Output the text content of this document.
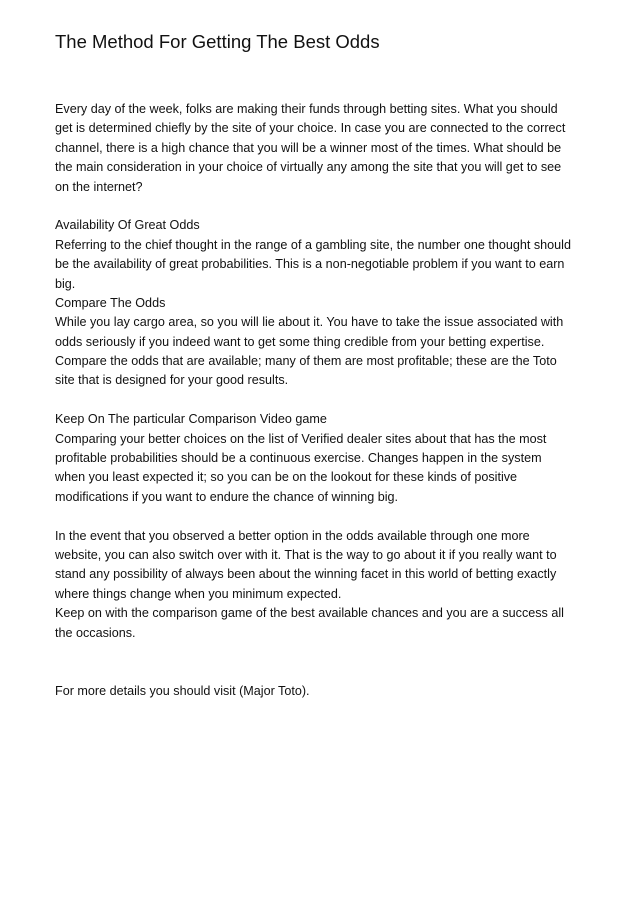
The Method For Getting The Best Odds
Every day of the week, folks are making their funds through betting sites. What you should
get is determined chiefly by the site of your choice. In case you are connected to the correct
channel, there is a high chance that you will be a winner most of the times. What should be
the main consideration in your choice of virtually any among the site that you will get to see
on the internet?
Availability Of Great Odds
Referring to the chief thought in the range of a gambling site, the number one thought should
be the availability of great probabilities. This is a non-negotiable problem if you want to earn
big.
Compare The Odds
While you lay cargo area, so you will lie about it. You have to take the issue associated with
odds seriously if you indeed want to get some thing credible from your betting expertise.
Compare the odds that are available; many of them are most profitable; these are the Toto
site that is designed for your good results.
Keep On The particular Comparison Video game
Comparing your better choices on the list of Verified dealer sites about that has the most
profitable probabilities should be a continuous exercise. Changes happen in the system
when you least expected it; so you can be on the lookout for these kinds of positive
modifications if you want to endure the chance of winning big.
In the event that you observed a better option in the odds available through one more
website, you can also switch over with it. That is the way to go about it if you really want to
stand any possibility of always been about the winning facet in this world of betting exactly
where things change when you minimum expected.
Keep on with the comparison game of the best available chances and you are a success all
the occasions.
For more details you should visit (Major Toto).
